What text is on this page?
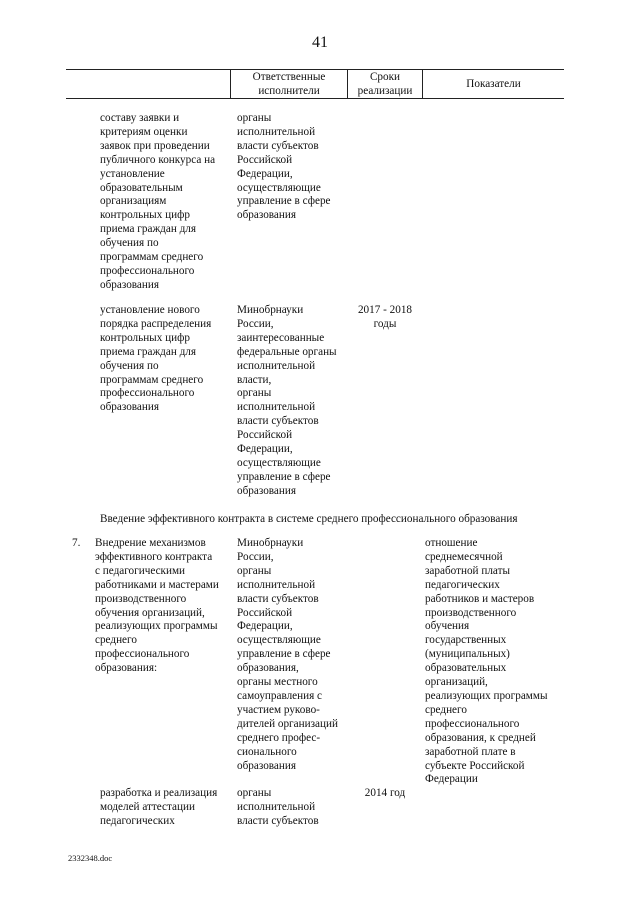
41
Ответственные
исполнители
Сроки
реализации
Показатели
составу заявки и
критериям оценки
заявок при проведении
публичного конкурса на
установление
образовательным
организациям
контрольных цифр
приема граждан для
обучения по
программам среднего
профессионального
образования
органы
исполнительной
власти субъектов
Российской
Федерации,
осуществляющие
управление в сфере
образования
установление нового
порядка распределения
контрольных цифр
приема граждан для
обучения по
программам среднего
профессионального
образования
Минобрнауки
России,
заинтересованные
федеральные органы
исполнительной
власти,
органы
исполнительной
власти субъектов
Российской
Федерации,
осуществляющие
управление в сфере
образования
2017 - 2018
годы
Введение эффективного контракта в системе среднего профессионального образования
7. Внедрение механизмов
эффективного контракта
с педагогическими
работниками и мастерами
производственного
обучения организаций,
реализующих программы
среднего
профессионального
образования:
Минобрнауки
России,
органы
исполнительной
власти субъектов
Российской
Федерации,
осуществляющие
управление в сфере
образования,
органы местного
самоуправления с
участием руково-
дителей организаций
среднего профес-
сионального
образования
отношение
среднемесячной
заработной платы
педагогических
работников и мастеров
производственного
обучения
государственных
(муниципальных)
образовательных
организаций,
реализующих программы
среднего
профессионального
образования, к средней
заработной плате в
субъекте Российской
Федерации
разработка и реализация
моделей аттестации
педагогических
органы
исполнительной
власти субъектов
2014 год
2332348.doc
